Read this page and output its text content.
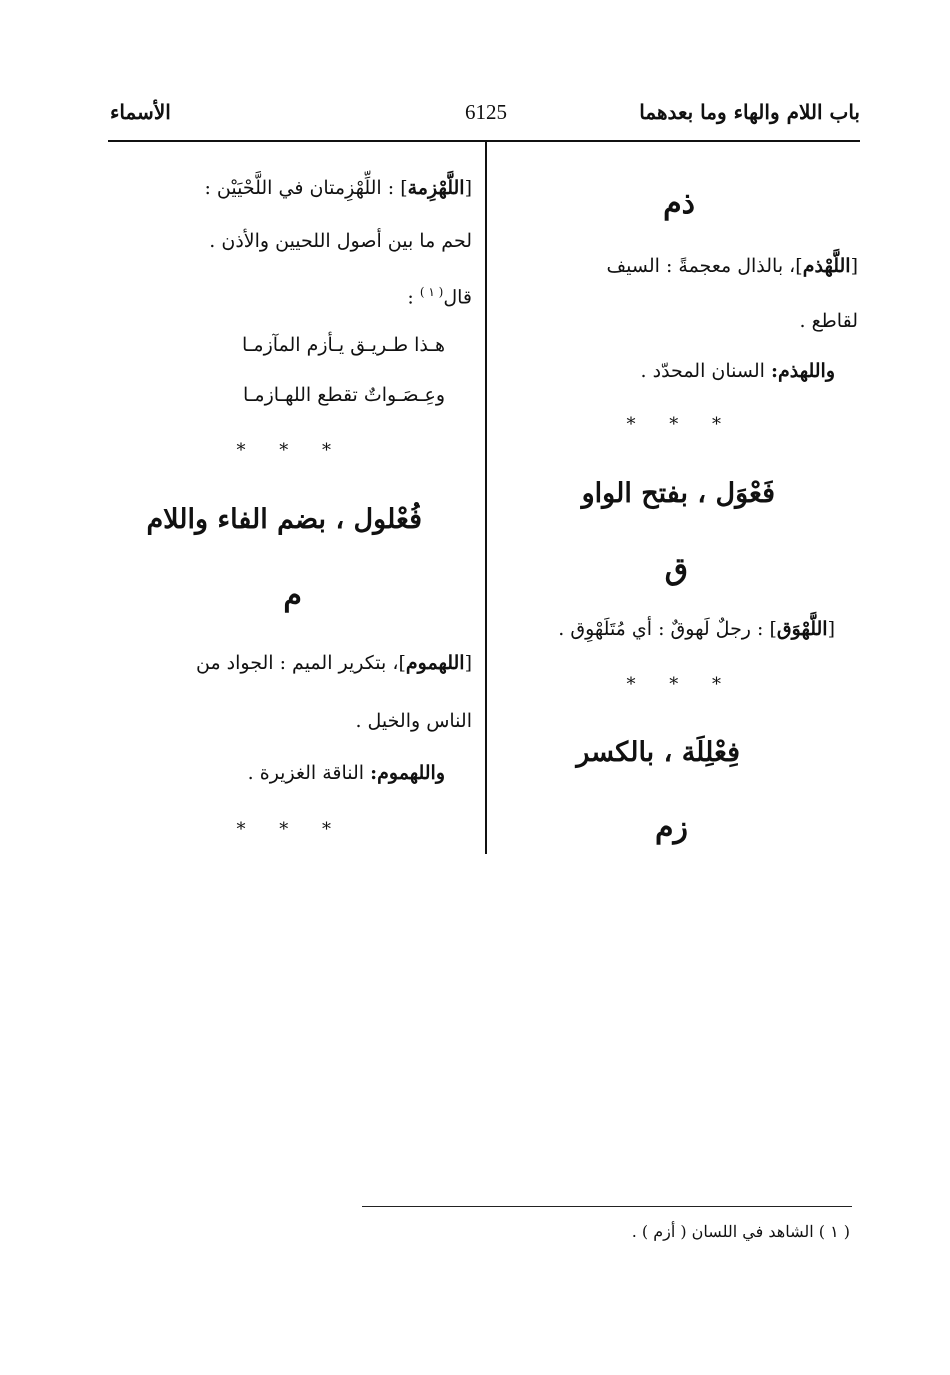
باب اللام والهاء وما بعدهما
6125
الأسماء
ذم
[اللَّهْذم]، بالذال معجمةً : السيف
لقاطع .
واللهذم: السنان المحدّد .
* * *
فَعْوَل ، بفتح الواو
ق
[اللَّهْوَق] : رجلٌ لَهوقٌ : أي مُتَلَهْوِق .
* * *
فِعْلِلَة ، بالكسر
زم
[اللَّهْزِمة] : اللِّهْزِمتان في اللَّحْيَيْن :
لحم ما بين أصول اللحيين والأذن .
قال$^{( ١ )}$ :
هـذا طـريـق يـأزم المآزمـا
وعِـصَـواتٌ تقطع اللهـازمـا
* * *
فُعْلول ، بضم الفاء واللام
م
[اللهموم]، بتكرير الميم : الجواد من
الناس والخيل .
واللهموم: الناقة الغزيرة .
* * *
( ١ ) الشاهد في اللسان ( أزم ) .
